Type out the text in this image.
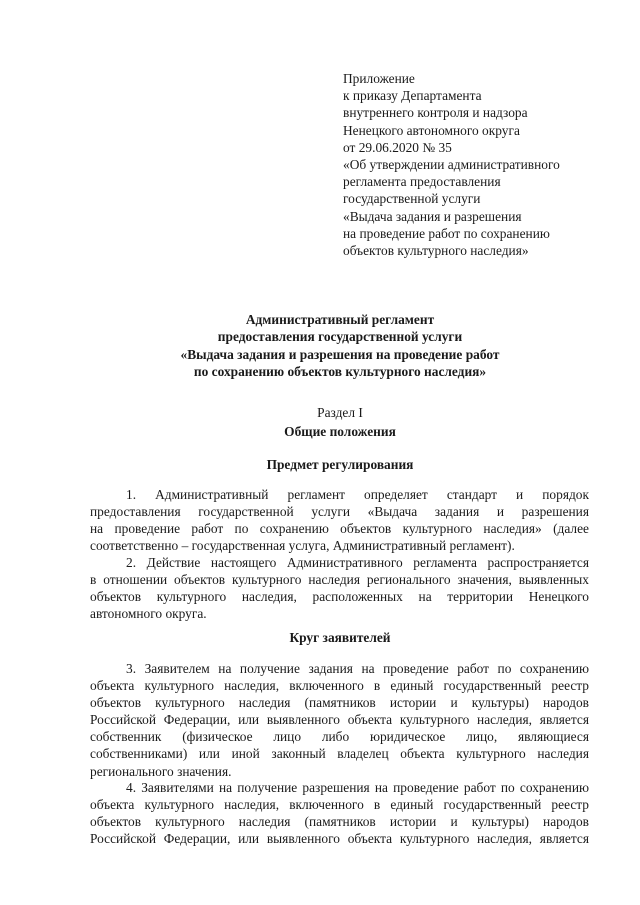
Приложение
к приказу Департамента
внутреннего контроля и надзора
Ненецкого автономного округа
от 29.06.2020 № 35
«Об утверждении административного
регламента предоставления
государственной услуги
«Выдача задания и разрешения
на проведение работ по сохранению
объектов культурного наследия»
Административный регламент
предоставления государственной услуги
«Выдача задания и разрешения на проведение работ
по сохранению объектов культурного наследия»
Раздел I
Общие положения
Предмет регулирования
1. Административный регламент определяет стандарт и порядок
предоставления государственной услуги «Выдача задания и разрешения
на проведение работ по сохранению объектов культурного наследия» (далее
соответственно – государственная услуга, Административный регламент).
2. Действие настоящего Административного регламента распространяется
в отношении объектов культурного наследия регионального значения, выявленных
объектов культурного наследия, расположенных на территории Ненецкого
автономного округа.
Круг заявителей
3. Заявителем на получение задания на проведение работ по сохранению
объекта культурного наследия, включенного в единый государственный реестр
объектов культурного наследия (памятников истории и культуры) народов
Российской Федерации, или выявленного объекта культурного наследия, является
собственник (физическое лицо либо юридическое лицо, являющиеся
собственниками) или иной законный владелец объекта культурного наследия
регионального значения.
4. Заявителями на получение разрешения на проведение работ по сохранению
объекта культурного наследия, включенного в единый государственный реестр
объектов культурного наследия (памятников истории и культуры) народов
Российской Федерации, или выявленного объекта культурного наследия, является
